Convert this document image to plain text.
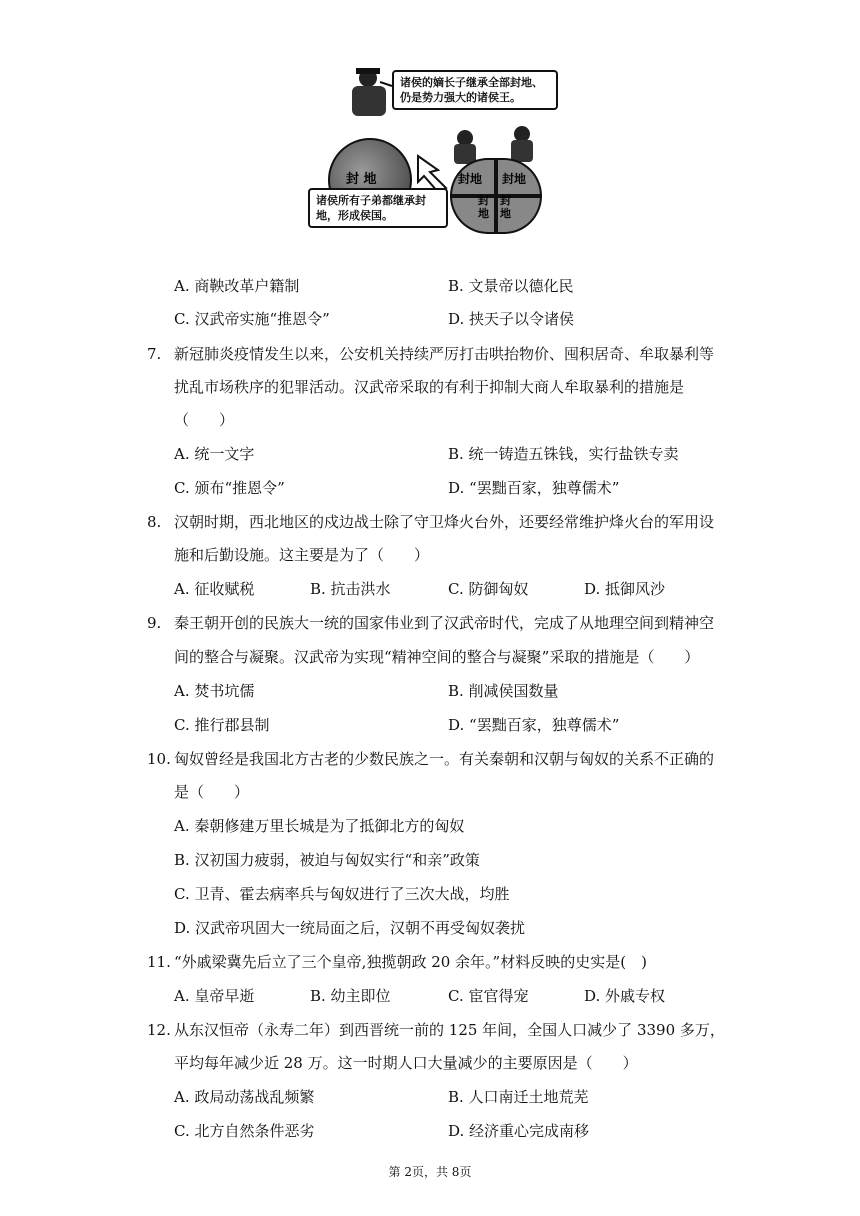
封 地	封地 封地
封
地
封
地
诸侯的嫡长子继承全部封地、仍是势力强大的诸侯王。
诸侯所有子弟都继承封地，形成侯国。
A. 商鞅改革户籍制	B. 文景帝以德化民
C. 汉武帝实施“推恩令”	D. 挟天子以令诸侯
7. 新冠肺炎疫情发生以来，公安机关持续严厉打击哄抬物价、囤积居奇、牟取暴利等
扰乱市场秩序的犯罪活动。汉武帝采取的有利于抑制大商人牟取暴利的措施是
（　　）
A. 统一文字	B. 统一铸造五铢钱，实行盐铁专卖
C. 颁布“推恩令”	D. “罢黜百家，独尊儒术”
8. 汉朝时期，西北地区的戍边战士除了守卫烽火台外，还要经常维护烽火台的军用设
施和后勤设施。这主要是为了（　　）
A. 征收赋税	B. 抗击洪水	C. 防御匈奴	D. 抵御风沙
9. 秦王朝开创的民族大一统的国家伟业到了汉武帝时代，完成了从地理空间到精神空
间的整合与凝聚。汉武帝为实现“精神空间的整合与凝聚”采取的措施是（　　）
A. 焚书坑儒	B. 削减侯国数量
C. 推行郡县制	D. “罢黜百家，独尊儒术”
10. 匈奴曾经是我国北方古老的少数民族之一。有关秦朝和汉朝与匈奴的关系不正确的
是（　　）
A. 秦朝修建万里长城是为了抵御北方的匈奴
B. 汉初国力疲弱，被迫与匈奴实行“和亲”政策
C. 卫青、霍去病率兵与匈奴进行了三次大战，均胜
D. 汉武帝巩固大一统局面之后，汉朝不再受匈奴袭扰
11. “外戚梁冀先后立了三个皇帝,独揽朝政 20 余年。”材料反映的史实是(　)
A. 皇帝早逝	B. 幼主即位	C. 宦官得宠	D. 外戚专权
12. 从东汉恒帝（永寿二年）到西晋统一前的 125 年间，全国人口减少了 3390 多万，
平均每年减少近 28 万。这一时期人口大量减少的主要原因是（　　）
A. 政局动荡战乱频繁	B. 人口南迁土地荒芜
C. 北方自然条件恶劣	D. 经济重心完成南移
第 2页，共 8页
